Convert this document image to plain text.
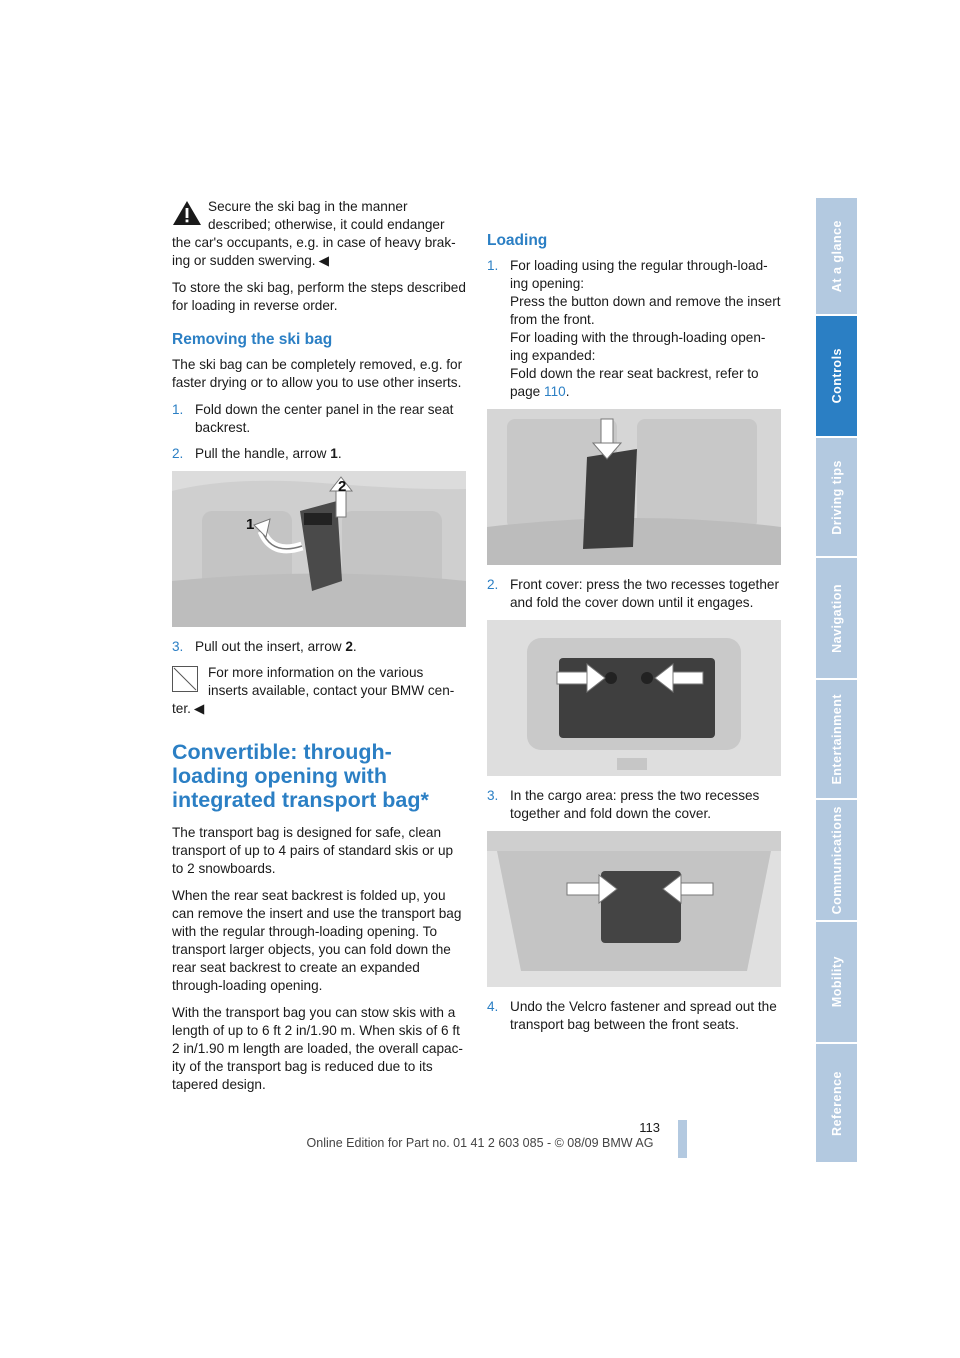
Secure the ski bag in the manner described; otherwise, it could endanger
the car's occupants, e.g. in case of heavy brak-ing or sudden swerving. ◀

To store the ski bag, perform the steps described for loading in reverse order.

Removing the ski bag

The ski bag can be completely removed, e.g. for faster drying or to allow you to use other inserts.

1. Fold down the center panel in the rear seat backrest.
2. Pull the handle, arrow 1.
1
2
3. Pull out the insert, arrow 2.

For more information on the various inserts available, contact your BMW cen-
ter. ◀

Convertible: through-loading opening with integrated transport bag*

The transport bag is designed for safe, clean transport of up to 4 pairs of standard skis or up to 2 snowboards.

When the rear seat backrest is folded up, you can remove the insert and use the transport bag with the regular through-loading opening. To transport larger objects, you can fold down the rear seat backrest to create an expanded through-loading opening.

With the transport bag you can stow skis with a length of up to 6 ft 2 in/1.90 m. When skis of 6 ft 2 in/1.90 m length are loaded, the overall capac-ity of the transport bag is reduced due to its tapered design.

Loading
1. For loading using the regular through-load-ing opening:
Press the button down and remove the insert from the front.
For loading with the through-loading open-ing expanded:
Fold down the rear seat backrest, refer to page 110.
2. Front cover: press the two recesses together and fold the cover down until it engages.
3. In the cargo area: press the two recesses together and fold down the cover.
4. Undo the Velcro fastener and spread out the transport bag between the front seats.
At a glance
Controls
Driving tips
Navigation
Entertainment
Communications
Mobility
Reference
113
Online Edition for Part no. 01 41 2 603 085 - © 08/09 BMW AG
